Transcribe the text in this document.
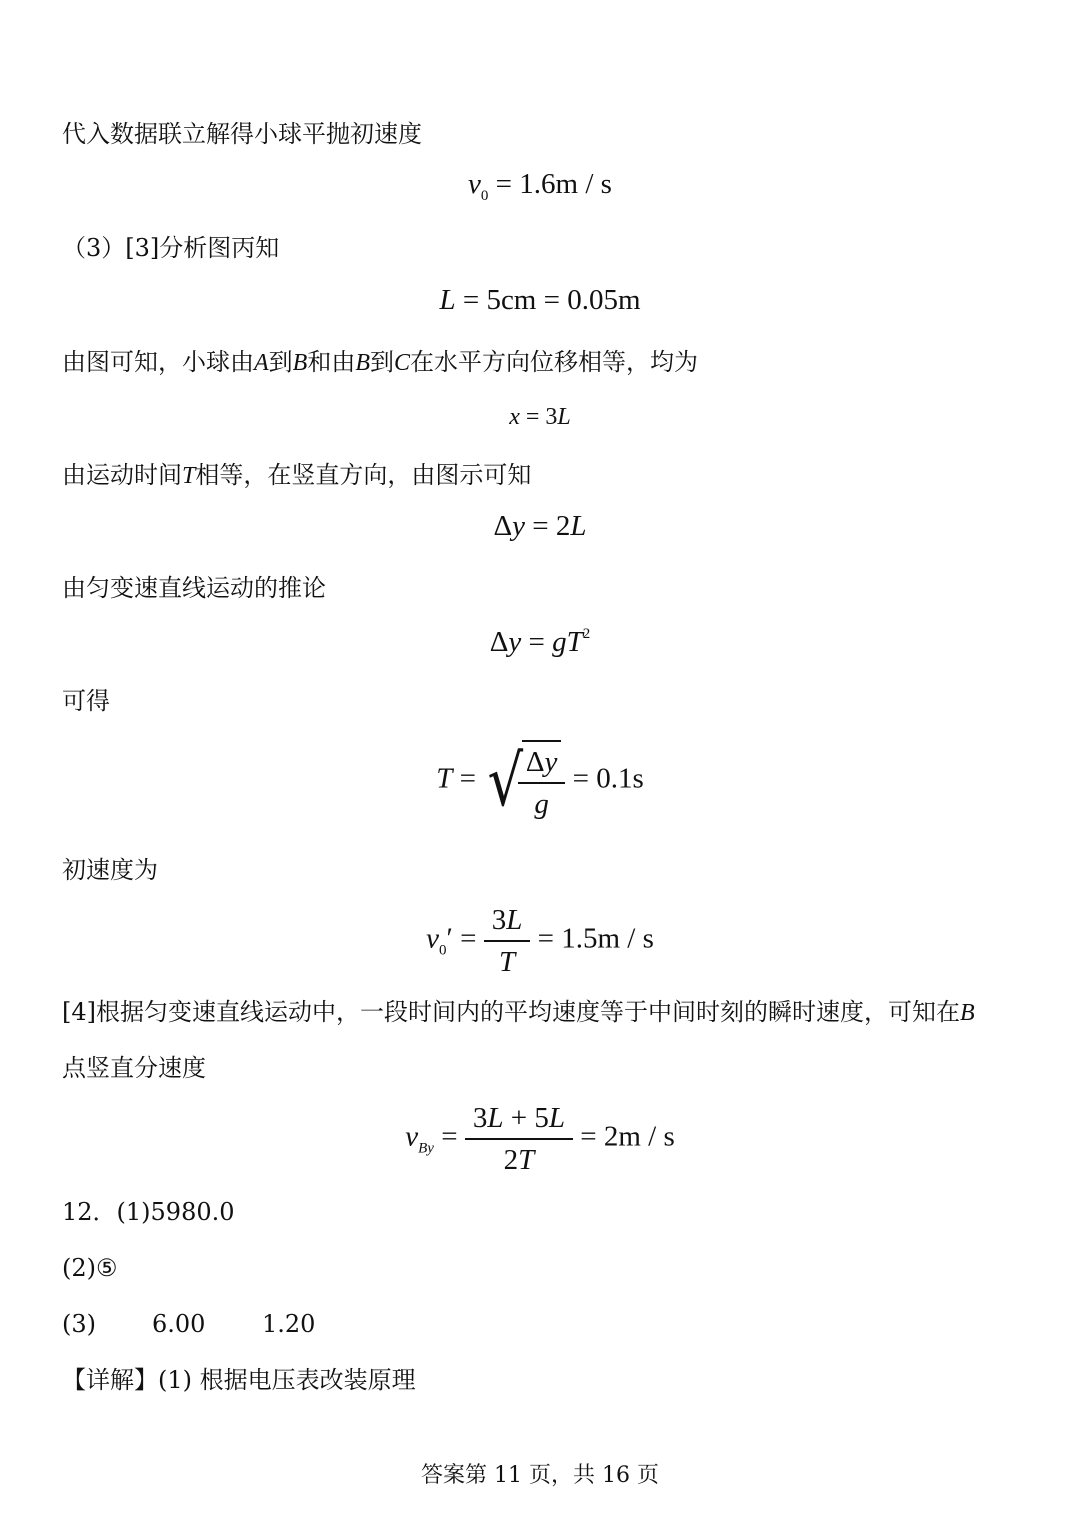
代入数据联立解得小球平抛初速度
$v_0 = 1.6m / s$
（3）[3]分析图丙知
L = 5cm = 0.05m
由图可知，小球由A到B和由B到C在水平方向位移相等，均为
x = 3L
由运动时间T相等，在竖直方向，由图示可知
Δy = 2L
由匀变速直线运动的推论
$\Delta y = gT^2$
可得
T = √
$\frac{\Delta y}{g} = 0.1s$
初速度为
$v_0' = \frac{3L}{T} = 1.5m / s$
[4]根据匀变速直线运动中，一段时间内的平均速度等于中间时刻的瞬时速度，可知在B
点竖直分速度
$v_{By} = \frac{3L + 5L}{2T} = 2m / s$
12．(1)5980.0
(2)⑤
(3) 6.00 1.20
【详解】(1) 根据电压表改装原理
答案第 11 页，共 16 页
